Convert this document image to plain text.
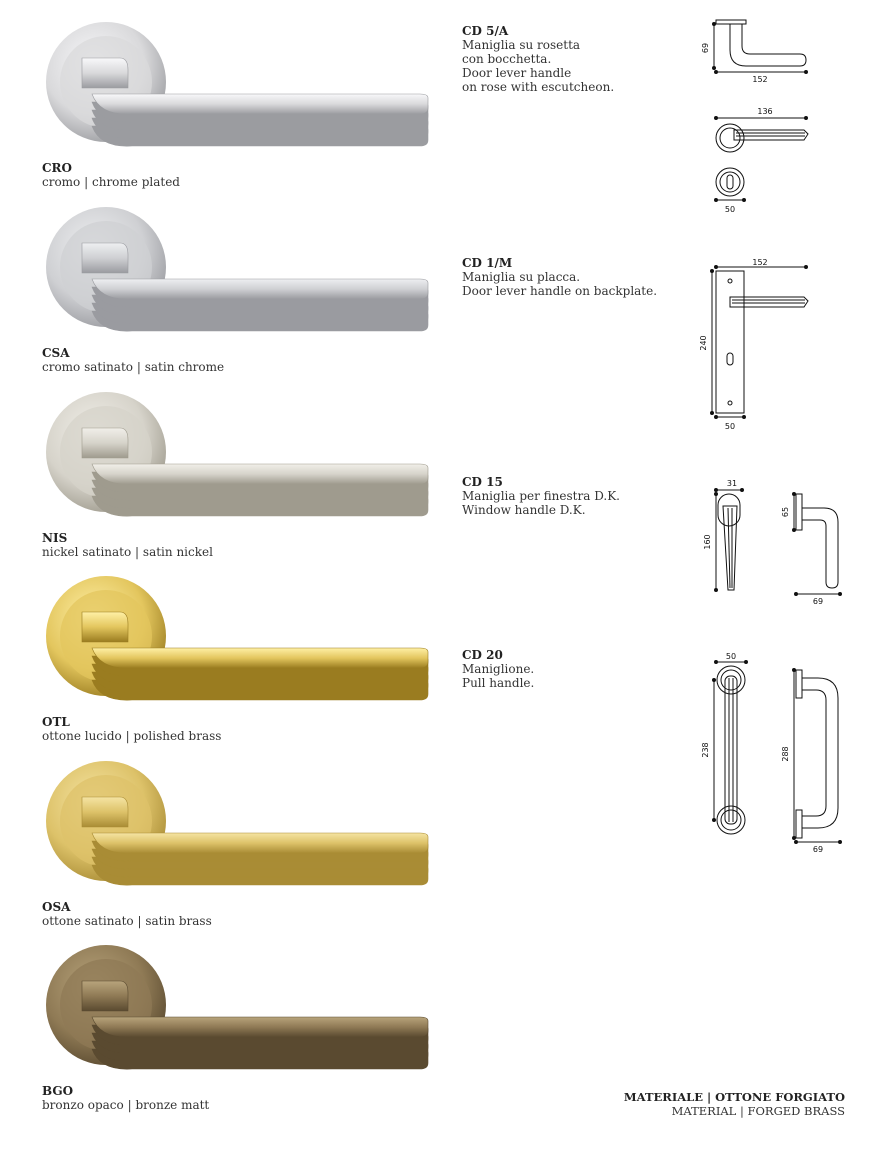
CRO
cromo | chrome plated
CSA
cromo satinato | satin chrome
NIS
nickel satinato | satin nickel
OTL
ottone lucido | polished brass
OSA
ottone satinato | satin brass
BGO
bronzo opaco | bronze matt
CD 5/A
Maniglia su rosetta
con bocchetta.
Door lever handle
on rose with escutcheon.
CD 1/M
Maniglia su placca.
Door lever handle on backplate.
CD 15
Maniglia per finestra D.K.
Window handle D.K.
CD 20
Maniglione.
Pull handle.
69
152
136
50
152
240
50
31
160
65
69
50
238	288
69
MATERIALE | OTTONE FORGIATO
MATERIAL | FORGED BRASS
